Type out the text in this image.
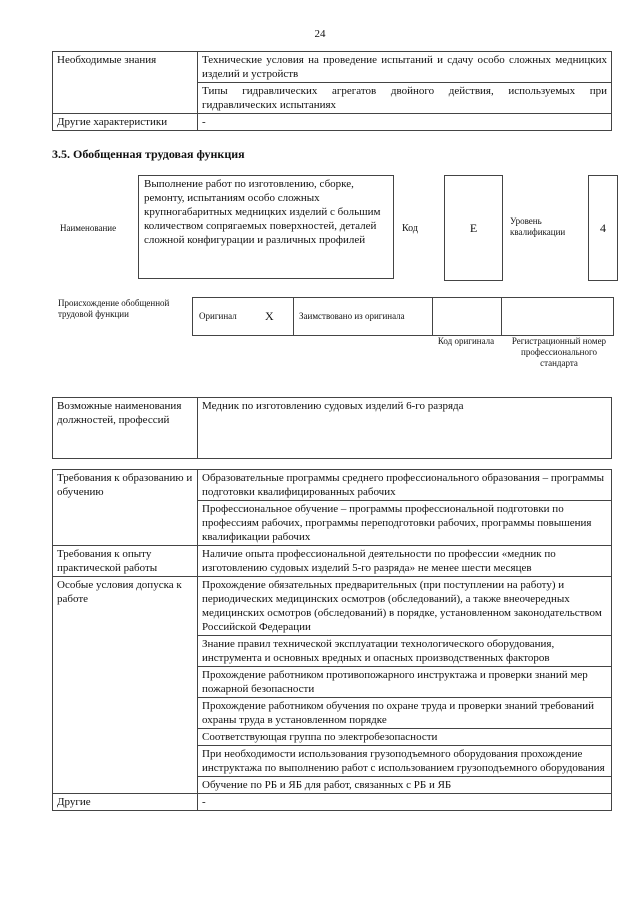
24
Необходимые знания	Технические условия на проведение испытаний и сдачу особо сложных медницких изделий и устройств
	Типы гидравлических агрегатов двойного действия, используемых при гидравлических испытаниях
Другие характеристики	-
3.5. Обобщенная трудовая функция
Наименование
Выполнение работ по изготовлению, сборке, ремонту, испытаниям особо сложных крупногабаритных медницких изделий с большим количеством сопрягаемых поверхностей, деталей сложной конфигурации и различных профилей
Код	E	Уровень квалификации	4
Происхождение обобщенной трудовой функции	Оригинал X	Заимствовано из оригинала
Код оригинала	Регистрационный номер профессионального стандарта
Возможные наименования должностей, профессий	Медник по изготовлению судовых изделий 6-го разряда
Требования к образованию и обучению	Образовательные программы среднего профессионального образования – программы подготовки квалифицированных рабочих
	Профессиональное обучение – программы профессиональной подготовки по профессиям рабочих, программы переподготовки рабочих, программы повышения квалификации рабочих
Требования к опыту практической работы	Наличие опыта профессиональной деятельности по профессии «медник по изготовлению судовых изделий 5-го разряда» не менее шести месяцев
Особые условия допуска к работе	Прохождение обязательных предварительных (при поступлении на работу) и периодических медицинских осмотров (обследований), а также внеочередных медицинских осмотров (обследований) в порядке, установленном законодательством Российской Федерации
	Знание правил технической эксплуатации технологического оборудования, инструмента и основных вредных и опасных производственных факторов
	Прохождение работником противопожарного инструктажа и проверки знаний мер пожарной безопасности
	Прохождение работником обучения по охране труда и проверки знаний требований охраны труда в установленном порядке
	Соответствующая группа по электробезопасности
	При необходимости использования грузоподъемного оборудования прохождение инструктажа по выполнению работ с использованием грузоподъемного оборудования
	Обучение по РБ и ЯБ для работ, связанных с РБ и ЯБ
Другие	-
